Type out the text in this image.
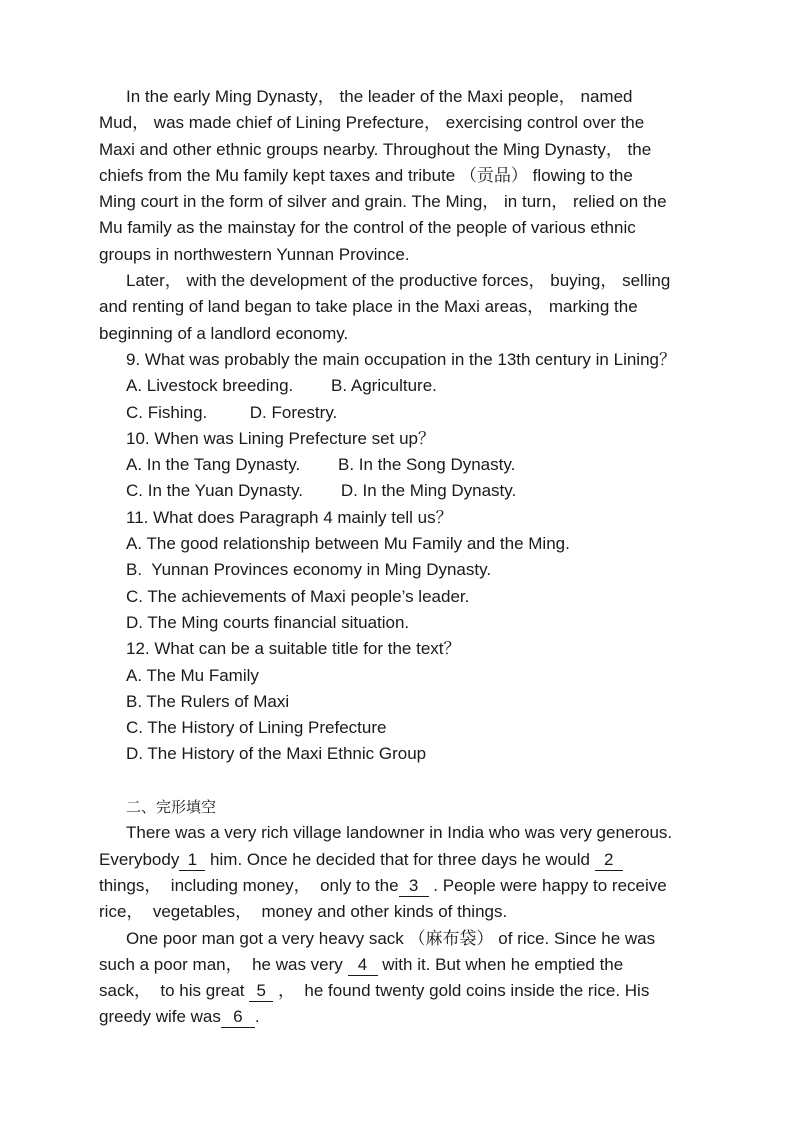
In the early Ming Dynasty， the leader of the Maxi people， named
Mud， was made chief of Lining Prefecture， exercising control over the
Maxi and other ethnic groups nearby. Throughout the Ming Dynasty， the
chiefs from the Mu family kept taxes and tribute （贡品） flowing to the
Ming court in the form of silver and grain. The Ming， in turn， relied on the
Mu family as the mainstay for the control of the people of various ethnic
groups in northwestern Yunnan Province.
Later， with the development of the productive forces， buying， selling
and renting of land began to take place in the Maxi areas， marking the
beginning of a landlord economy.
9. What was probably the main occupation in the 13th century in Lining？
A. Livestock breeding.        B. Agriculture.
C. Fishing.         D. Forestry.
10. When was Lining Prefecture set up？
A. In the Tang Dynasty.        B. In the Song Dynasty.
C. In the Yuan Dynasty.        D. In the Ming Dynasty.
11. What does Paragraph 4 mainly tell us？
A. The good relationship between Mu Family and the Ming.
B.  Yunnan Provinces economy in Ming Dynasty.
C. The achievements of Maxi people’s leader.
D. The Ming courts financial situation.
12. What can be a suitable title for the text？
A. The Mu Family
B. The Rulers of Maxi
C. The History of Lining Prefecture
D. The History of the Maxi Ethnic Group
二、完形填空
There was a very rich village landowner in India who was very generous.
Everybody 1 him. Once he decided that for three days he would 2
things，  including money，  only to the 3 . People were happy to receive
rice，  vegetables，  money and other kinds of things.
One poor man got a very heavy sack （麻布袋） of rice. Since he was
such a poor man，  he was very 4 with it. But when he emptied the
sack，  to his great 5 ，  he found twenty gold coins inside the rice. His
greedy wife was 6 .
